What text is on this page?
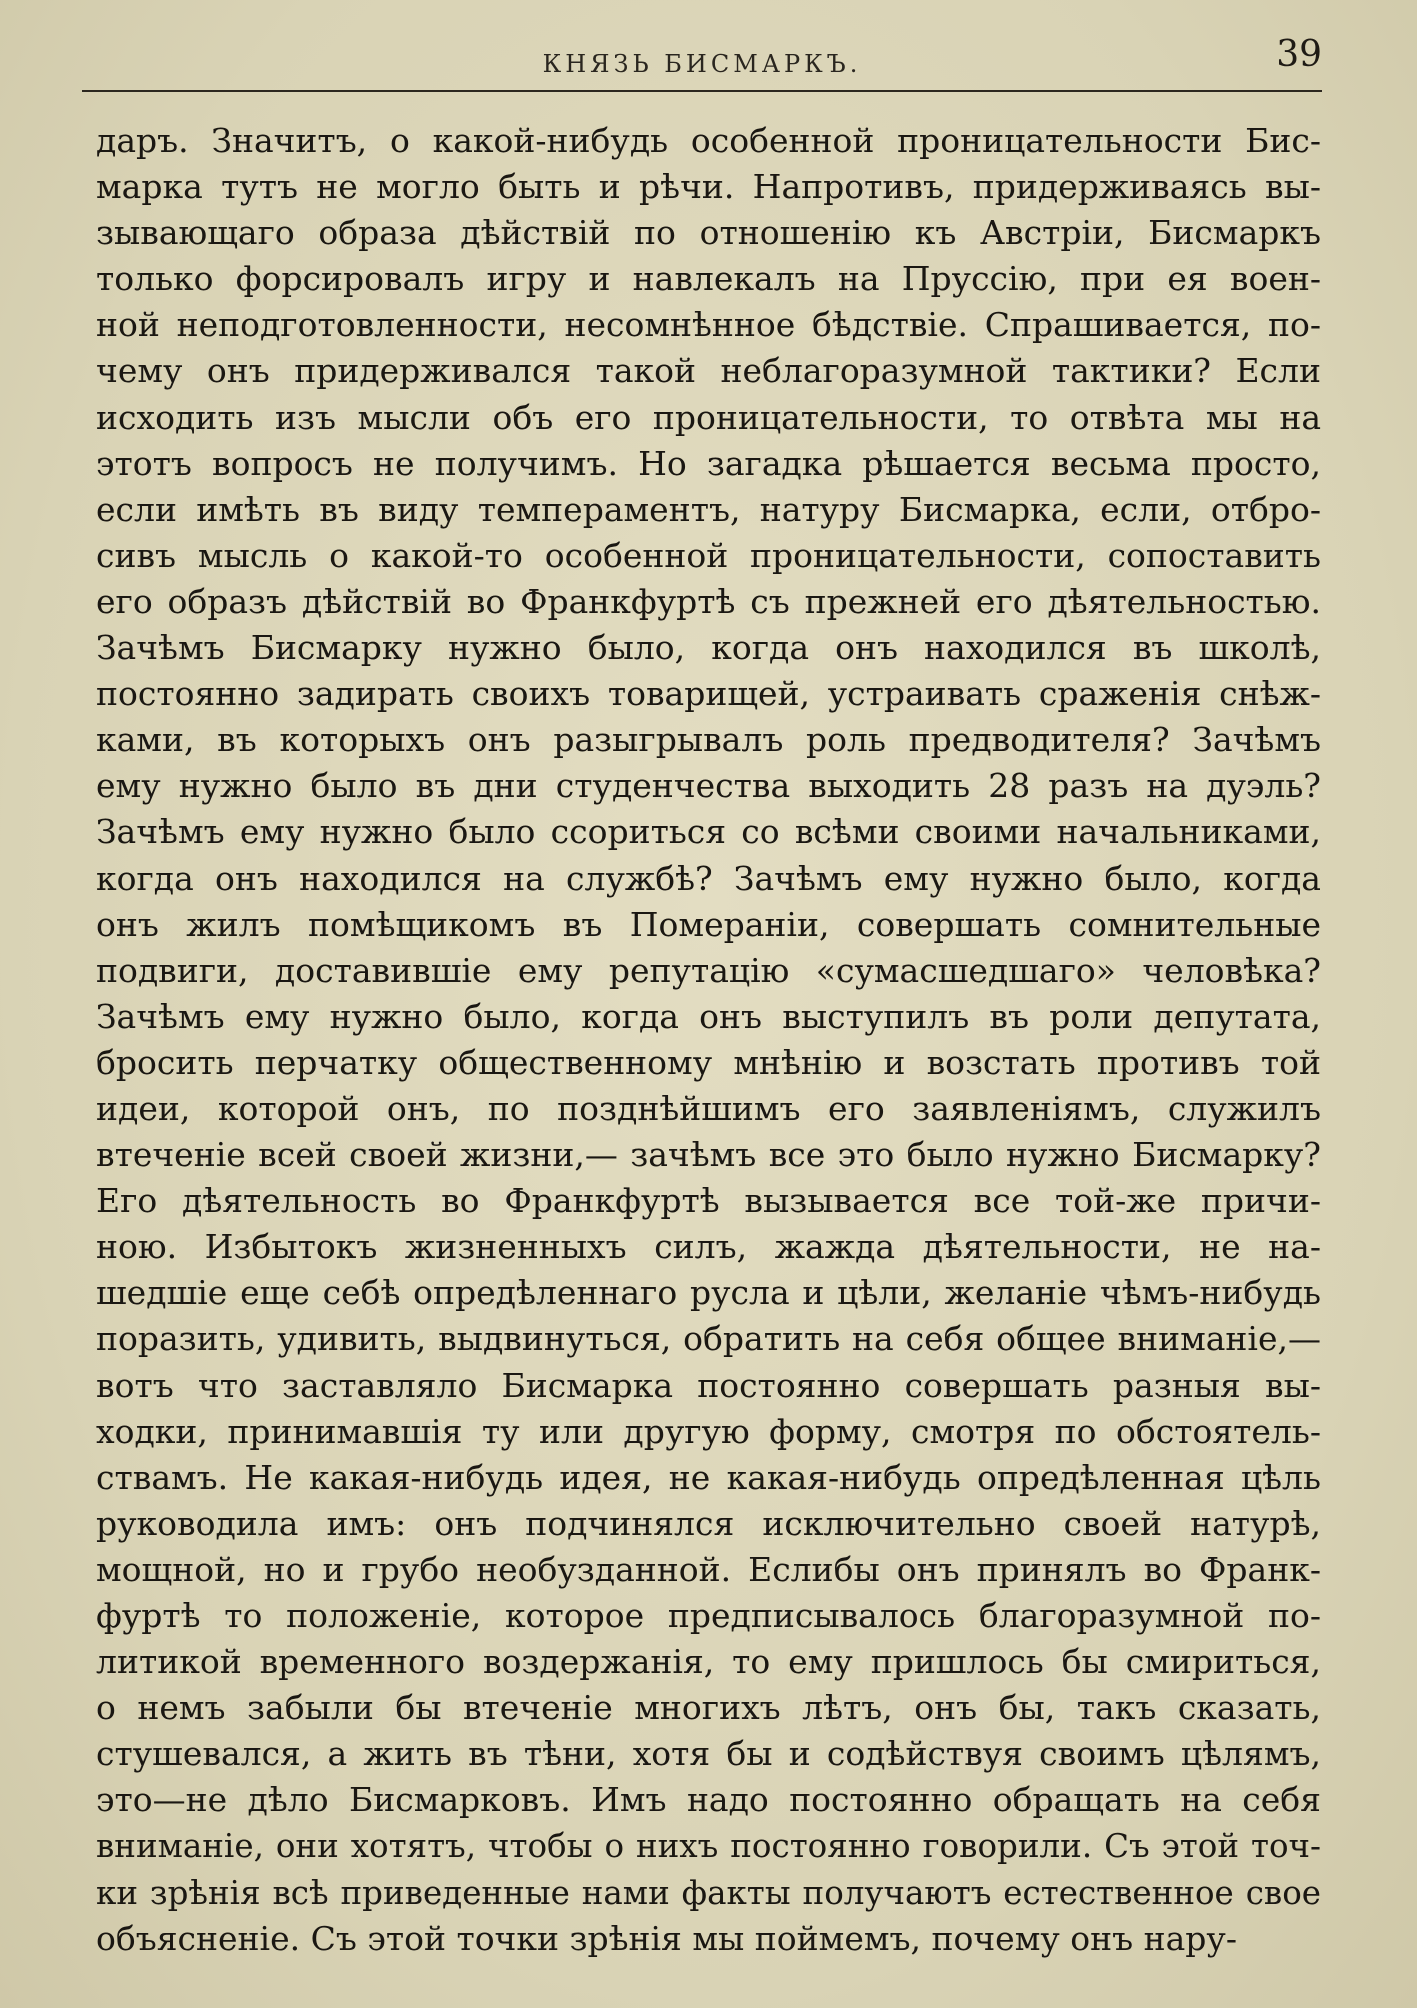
КНЯЗЬ БИСМАРКЪ.	39
даръ. Значитъ, о какой-нибудь особенной проницательности Бис-
марка тутъ не могло быть и рѣчи. Напротивъ, придерживаясь вы-
зывающаго образа дѣйствій по отношенію къ Австріи, Бисмаркъ
только форсировалъ игру и навлекалъ на Пруссію, при ея воен-
ной неподготовленности, несомнѣнное бѣдствіе. Спрашивается, по-
чему онъ придерживался такой неблагоразумной тактики? Если
исходить изъ мысли объ его проницательности, то отвѣта мы на
этотъ вопросъ не получимъ. Но загадка рѣшается весьма просто,
если имѣть въ виду темпераментъ, натуру Бисмарка, если, отбро-
сивъ мысль о какой-то особенной проницательности, сопоставить
его образъ дѣйствій во Франкфуртѣ съ прежней его дѣятельностью.
Зачѣмъ Бисмарку нужно было, когда онъ находился въ школѣ,
постоянно задирать своихъ товарищей, устраивать сраженія снѣж-
ками, въ которыхъ онъ разыгрывалъ роль предводителя? Зачѣмъ
ему нужно было въ дни студенчества выходить 28 разъ на дуэль?
Зачѣмъ ему нужно было ссориться со всѣми своими начальниками,
когда онъ находился на службѣ? Зачѣмъ ему нужно было, когда
онъ жилъ помѣщикомъ въ Помераніи, совершать сомнительные
подвиги, доставившіе ему репутацію «сумасшедшаго» человѣка?
Зачѣмъ ему нужно было, когда онъ выступилъ въ роли депутата,
бросить перчатку общественному мнѣнію и возстать противъ той
идеи, которой онъ, по позднѣйшимъ его заявленіямъ, служилъ
втеченіе всей своей жизни,— зачѣмъ все это было нужно Бисмарку?
Его дѣятельность во Франкфуртѣ вызывается все той-же причи-
ною. Избытокъ жизненныхъ силъ, жажда дѣятельности, не на-
шедшіе еще себѣ опредѣленнаго русла и цѣли, желаніе чѣмъ-нибудь
поразить, удивить, выдвинуться, обратить на себя общее вниманіе,—
вотъ что заставляло Бисмарка постоянно совершать разныя вы-
ходки, принимавшія ту или другую форму, смотря по обстоятель-
ствамъ. Не какая-нибудь идея, не какая-нибудь опредѣленная цѣль
руководила имъ: онъ подчинялся исключительно своей натурѣ,
мощной, но и грубо необузданной. Еслибы онъ принялъ во Франк-
фуртѣ то положеніе, которое предписывалось благоразумной по-
литикой временного воздержанія, то ему пришлось бы смириться,
о немъ забыли бы втеченіе многихъ лѣтъ, онъ бы, такъ сказать,
стушевался, а жить въ тѣни, хотя бы и содѣйствуя своимъ цѣлямъ,
это—не дѣло Бисмарковъ. Имъ надо постоянно обращать на себя
вниманіе, они хотятъ, чтобы о нихъ постоянно говорили. Съ этой точ-
ки зрѣнія всѣ приведенные нами факты получаютъ естественное свое
объясненіе. Съ этой точки зрѣнія мы поймемъ, почему онъ нару-
